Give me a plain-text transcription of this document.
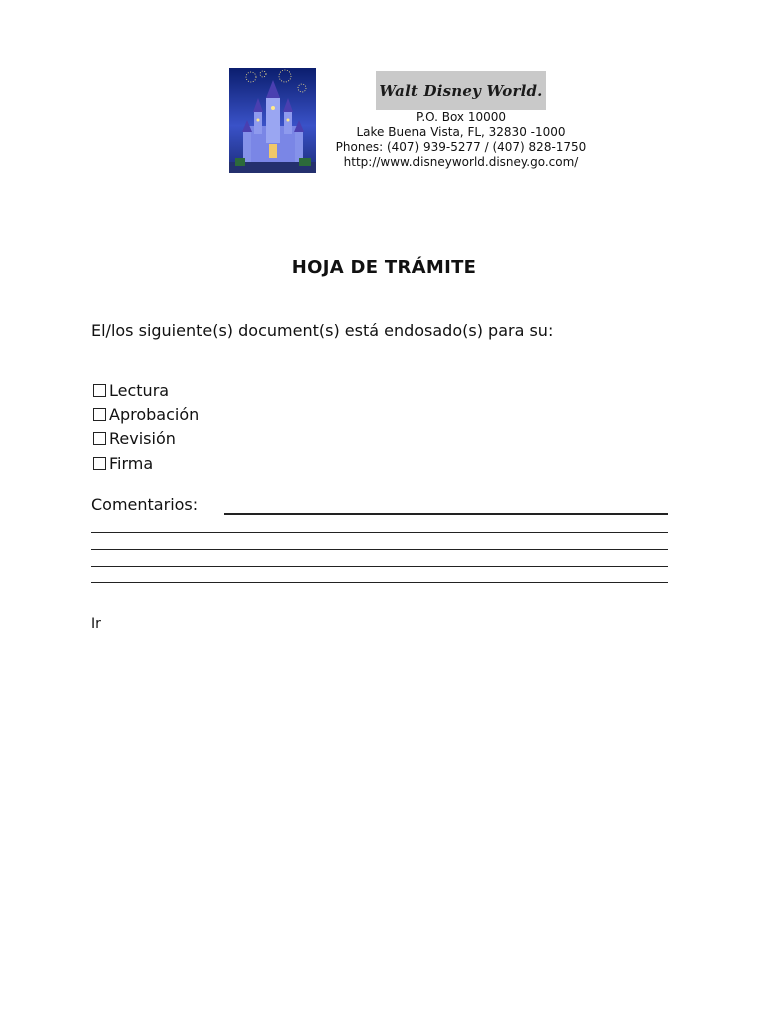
Walt Disney World.
P.O. Box 10000
Lake Buena Vista, FL, 32830 -1000
Phones: (407) 939-5277 / (407) 828-1750
http://www.disneyworld.disney.go.com/
HOJA DE TRÁMITE
El/los siguiente(s) document(s) está endosado(s) para su:
Lectura
Aprobación
Revisión
Firma
Comentarios:
Ir
